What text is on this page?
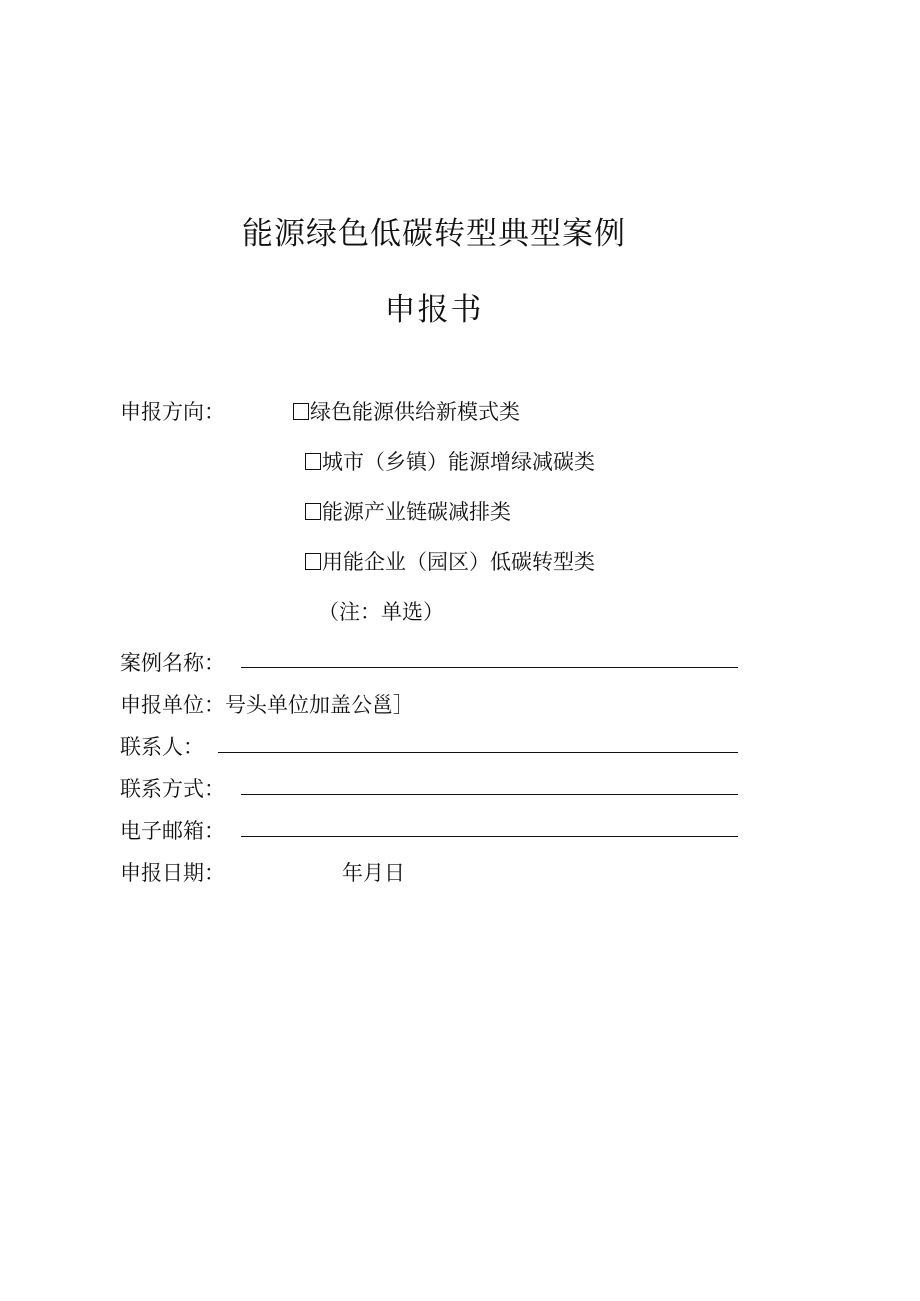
能源绿色低碳转型典型案例
申报书
申报方向：	绿色能源供给新模式类
城市（乡镇）能源增绿减碳类
能源产业链碳减排类
用能企业（园区）低碳转型类
（注：单选）
案例名称：
申报单位：号头单位加盖公邕］
联系人：
联系方式：
电子邮箱：
申报日期：	年月日
